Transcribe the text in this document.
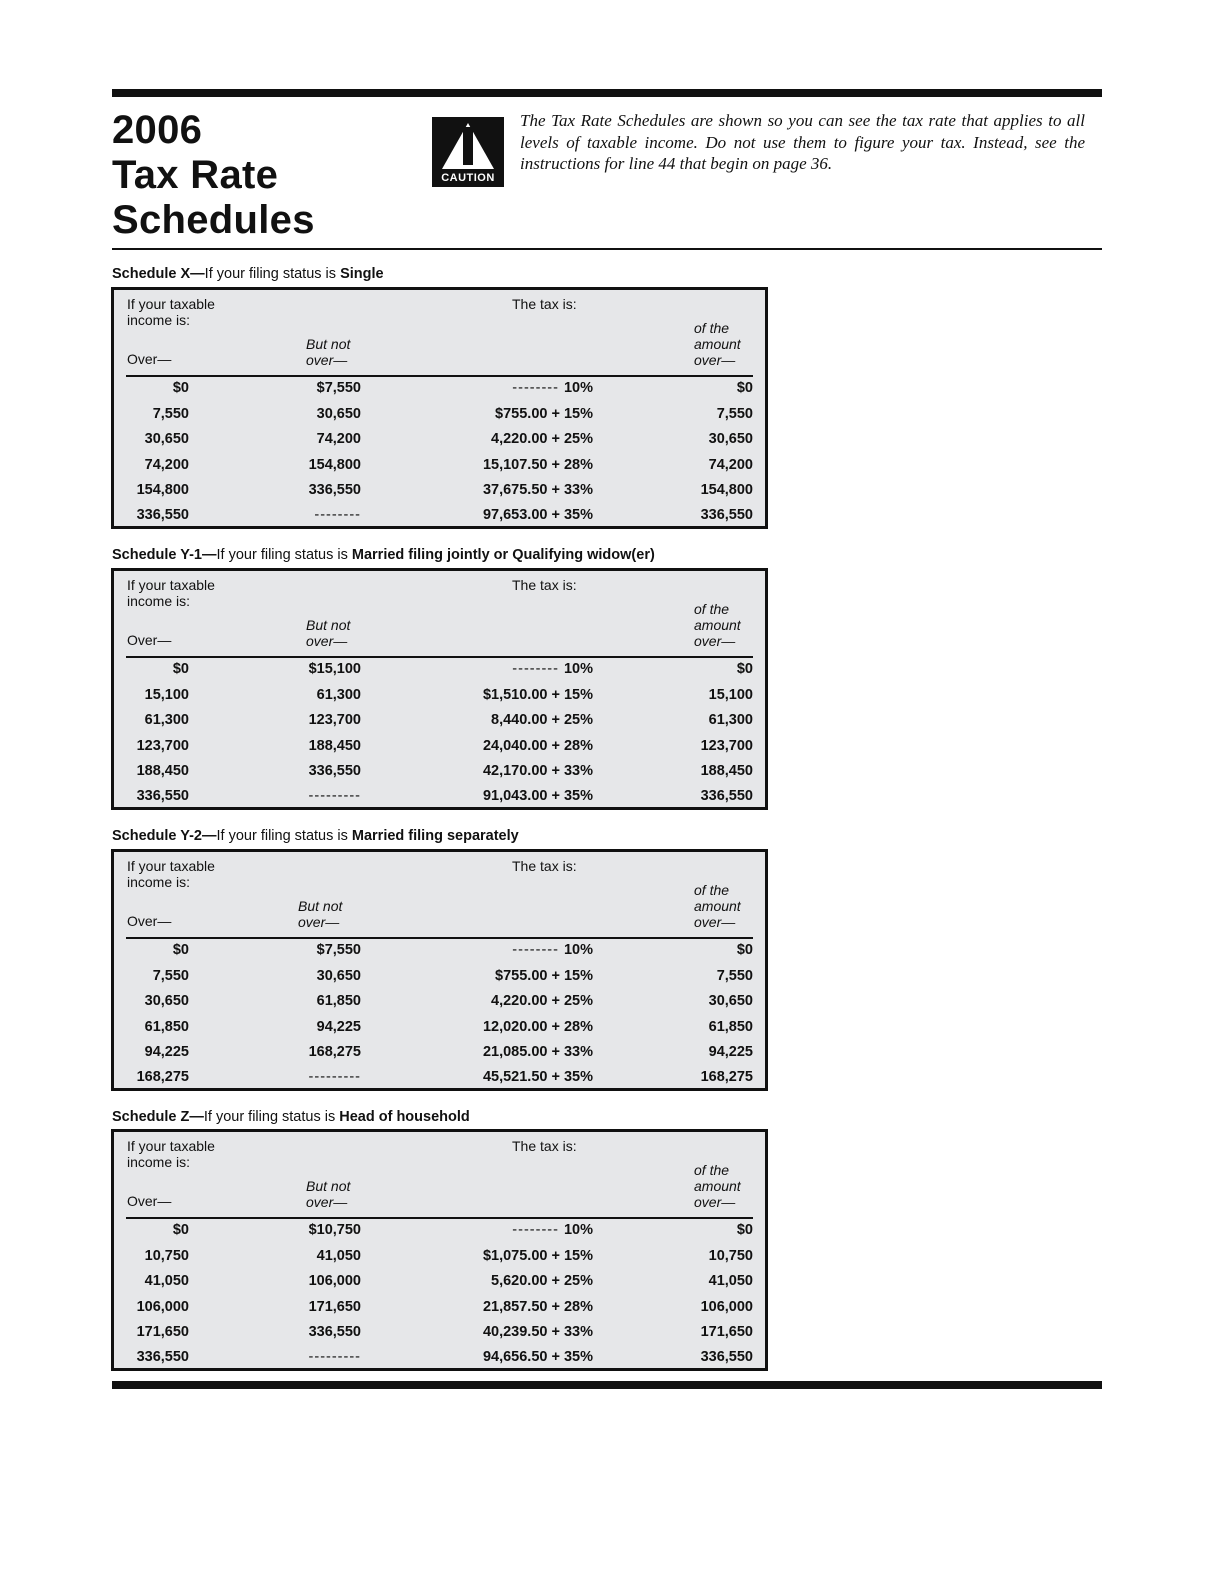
2006
Tax Rate
Schedules
CAUTION
The Tax Rate Schedules are shown so you can see the tax rate that applies to all levels of taxable income. Do not use them to figure your tax. Instead, see the instructions for line 44 that begin on page 36.
Schedule X—If your filing status is Single
If your taxable
income is:
The tax is:
of the
amount
over—
Over—
But not
over—
$0	$7,550	-------- 10%	$0
7,550	30,650	$755.00 + 15%	7,550
30,650	74,200	4,220.00 + 25%	30,650
74,200	154,800	15,107.50 + 28%	74,200
154,800	336,550	37,675.50 + 33%	154,800
336,550	--------	97,653.00 + 35%	336,550
Schedule Y-1—If your filing status is Married filing jointly or Qualifying widow(er)
If your taxable
income is:
The tax is:
of the
amount
over—
Over—
But not
over—
$0	$15,100	-------- 10%	$0
15,100	61,300	$1,510.00 + 15%	15,100
61,300	123,700	8,440.00 + 25%	61,300
123,700	188,450	24,040.00 + 28%	123,700
188,450	336,550	42,170.00 + 33%	188,450
336,550	---------	91,043.00 + 35%	336,550
Schedule Y-2—If your filing status is Married filing separately
If your taxable
income is:
The tax is:
of the
amount
over—
Over—
But not
over—
$0	$7,550	-------- 10%	$0
7,550	30,650	$755.00 + 15%	7,550
30,650	61,850	4,220.00 + 25%	30,650
61,850	94,225	12,020.00 + 28%	61,850
94,225	168,275	21,085.00 + 33%	94,225
168,275	---------	45,521.50 + 35%	168,275
Schedule Z—If your filing status is Head of household
If your taxable
income is:
The tax is:
of the
amount
over—
Over—
But not
over—
$0	$10,750	-------- 10%	$0
10,750	41,050	$1,075.00 + 15%	10,750
41,050	106,000	5,620.00 + 25%	41,050
106,000	171,650	21,857.50 + 28%	106,000
171,650	336,550	40,239.50 + 33%	171,650
336,550	---------	94,656.50 + 35%	336,550
